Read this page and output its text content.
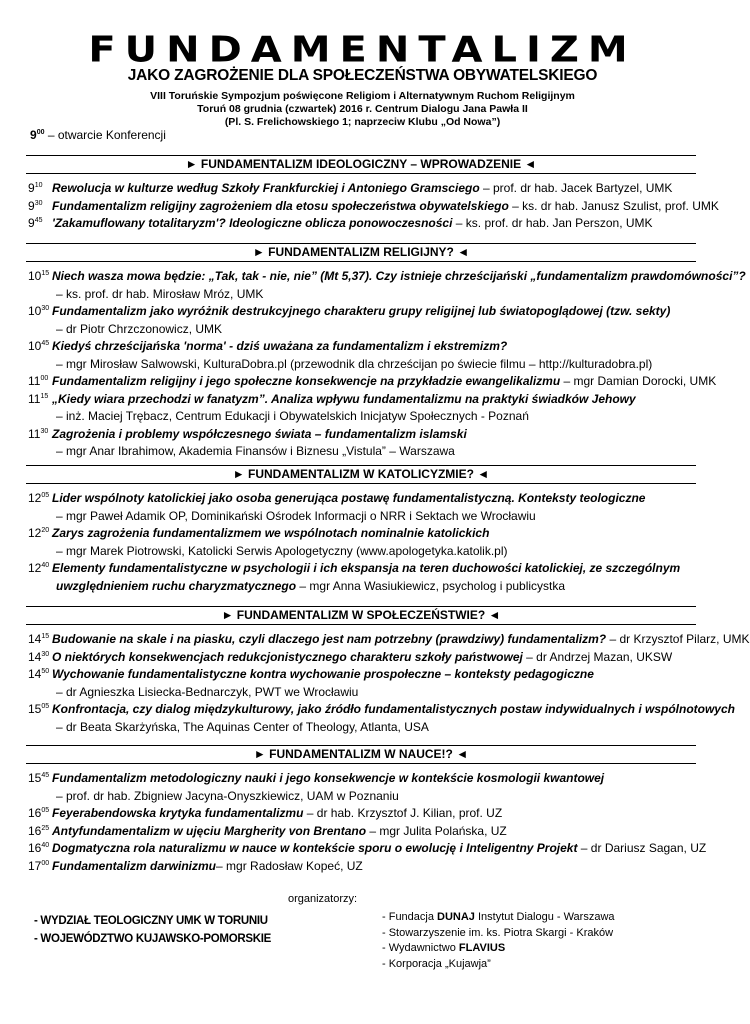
FUNDAMENTALIZM
JAKO ZAGROŻENIE DLA SPOŁECZEŃSTWA OBYWATELSKIEGO
VIII Toruńskie Sympozjum poświęcone Religiom i Alternatywnym Ruchom Religijnym
Toruń 08 grudnia (czwartek) 2016 r. Centrum Dialogu Jana Pawła II
(Pl. S. Frelichowskiego 1; naprzeciw Klubu „Od Nowa”)
$9^{00}$ – otwarcie Konferencji
► FUNDAMENTALIZM IDEOLOGICZNY – WPROWADZENIE ◄
$9^{10}$ Rewolucja w kulturze według Szkoły Frankfurckiej i Antoniego Gramsciego – prof. dr hab. Jacek Bartyzel, UMK
$9^{30}$ Fundamentalizm religijny zagrożeniem dla etosu społeczeństwa obywatelskiego – ks. dr hab. Janusz Szulist, prof. UMK
$9^{45}$ 'Zakamuflowany totalitaryzm'? Ideologiczne oblicza ponowoczesności – ks. prof. dr hab. Jan Perszon, UMK
► FUNDAMENTALIZM RELIGIJNY? ◄
$10^{15}$ Niech wasza mowa będzie: „Tak, tak - nie, nie” (Mt 5,37). Czy istnieje chrześcijański „fundamentalizm prawdomówności”?
– ks. prof. dr hab. Mirosław Mróz, UMK
$10^{30}$ Fundamentalizm jako wyróżnik destrukcyjnego charakteru grupy religijnej lub światopoglądowej (tzw. sekty)
– dr Piotr Chrzczonowicz, UMK
$10^{45}$ Kiedyś chrześcijańska 'norma' - dziś uważana za fundamentalizm i ekstremizm?
– mgr Mirosław Salwowski, KulturaDobra.pl (przewodnik dla chrześcijan po świecie filmu – http://kulturadobra.pl)
$11^{00}$ Fundamentalizm religijny i jego społeczne konsekwencje na przykładzie ewangelikalizmu – mgr Damian Dorocki, UMK
$11^{15}$ „Kiedy wiara przechodzi w fanatyzm”. Analiza wpływu fundamentalizmu na praktyki świadków Jehowy
– inż. Maciej Trębacz, Centrum Edukacji i Obywatelskich Inicjatyw Społecznych - Poznań
$11^{30}$ Zagrożenia i problemy współczesnego świata – fundamentalizm islamski
– mgr Anar Ibrahimow, Akademia Finansów i Biznesu „Vistula” – Warszawa
► FUNDAMENTALIZM W KATOLICYZMIE? ◄
$12^{05}$ Lider wspólnoty katolickiej jako osoba generująca postawę fundamentalistyczną. Konteksty teologiczne
– mgr Paweł Adamik OP, Dominikański Ośrodek Informacji o NRR i Sektach we Wrocławiu
$12^{20}$ Zarys zagrożenia fundamentalizmem we wspólnotach nominalnie katolickich
– mgr Marek Piotrowski, Katolicki Serwis Apologetyczny (www.apologetyka.katolik.pl)
$12^{40}$ Elementy fundamentalistyczne w psychologii i ich ekspansja na teren duchowości katolickiej, ze szczególnym
uwzględnieniem ruchu charyzmatycznego – mgr Anna Wasiukiewicz, psycholog i publicystka
► FUNDAMENTALIZM W SPOŁECZEŃSTWIE? ◄
$14^{15}$ Budowanie na skale i na piasku, czyli dlaczego jest nam potrzebny (prawdziwy) fundamentalizm? – dr Krzysztof Pilarz, UMK
$14^{30}$ O niektórych konsekwencjach redukcjonistycznego charakteru szkoły państwowej – dr Andrzej Mazan, UKSW
$14^{50}$ Wychowanie fundamentalistyczne kontra wychowanie prospołeczne – konteksty pedagogiczne
– dr Agnieszka Lisiecka-Bednarczyk, PWT we Wrocławiu
$15^{05}$ Konfrontacja, czy dialog międzykulturowy, jako źródło fundamentalistycznych postaw indywidualnych i wspólnotowych
– dr Beata Skarżyńska, The Aquinas Center of Theology, Atlanta, USA
► FUNDAMENTALIZM W NAUCE!? ◄
$15^{45}$ Fundamentalizm metodologiczny nauki i jego konsekwencje w kontekście kosmologii kwantowej
– prof. dr hab. Zbigniew Jacyna-Onyszkiewicz, UAM w Poznaniu
$16^{05}$ Feyerabendowska krytyka fundamentalizmu – dr hab. Krzysztof J. Kilian, prof. UZ
$16^{25}$ Antyfundamentalizm w ujęciu Margherity von Brentano – mgr Julita Polańska, UZ
$16^{40}$ Dogmatyczna rola naturalizmu w nauce w kontekście sporu o ewolucję i Inteligentny Projekt – dr Dariusz Sagan, UZ
$17^{00}$ Fundamentalizm darwinizmu– mgr Radosław Kopeć, UZ
organizatorzy:
- WYDZIAŁ TEOLOGICZNY UMK W TORUNIU
- WOJEWÓDZTWO KUJAWSKO-POMORSKIE
- Fundacja DUNAJ Instytut Dialogu - Warszawa
- Stowarzyszenie im. ks. Piotra Skargi - Kraków
- Wydawnictwo FLAVIUS
- Korporacja „Kujawja”
